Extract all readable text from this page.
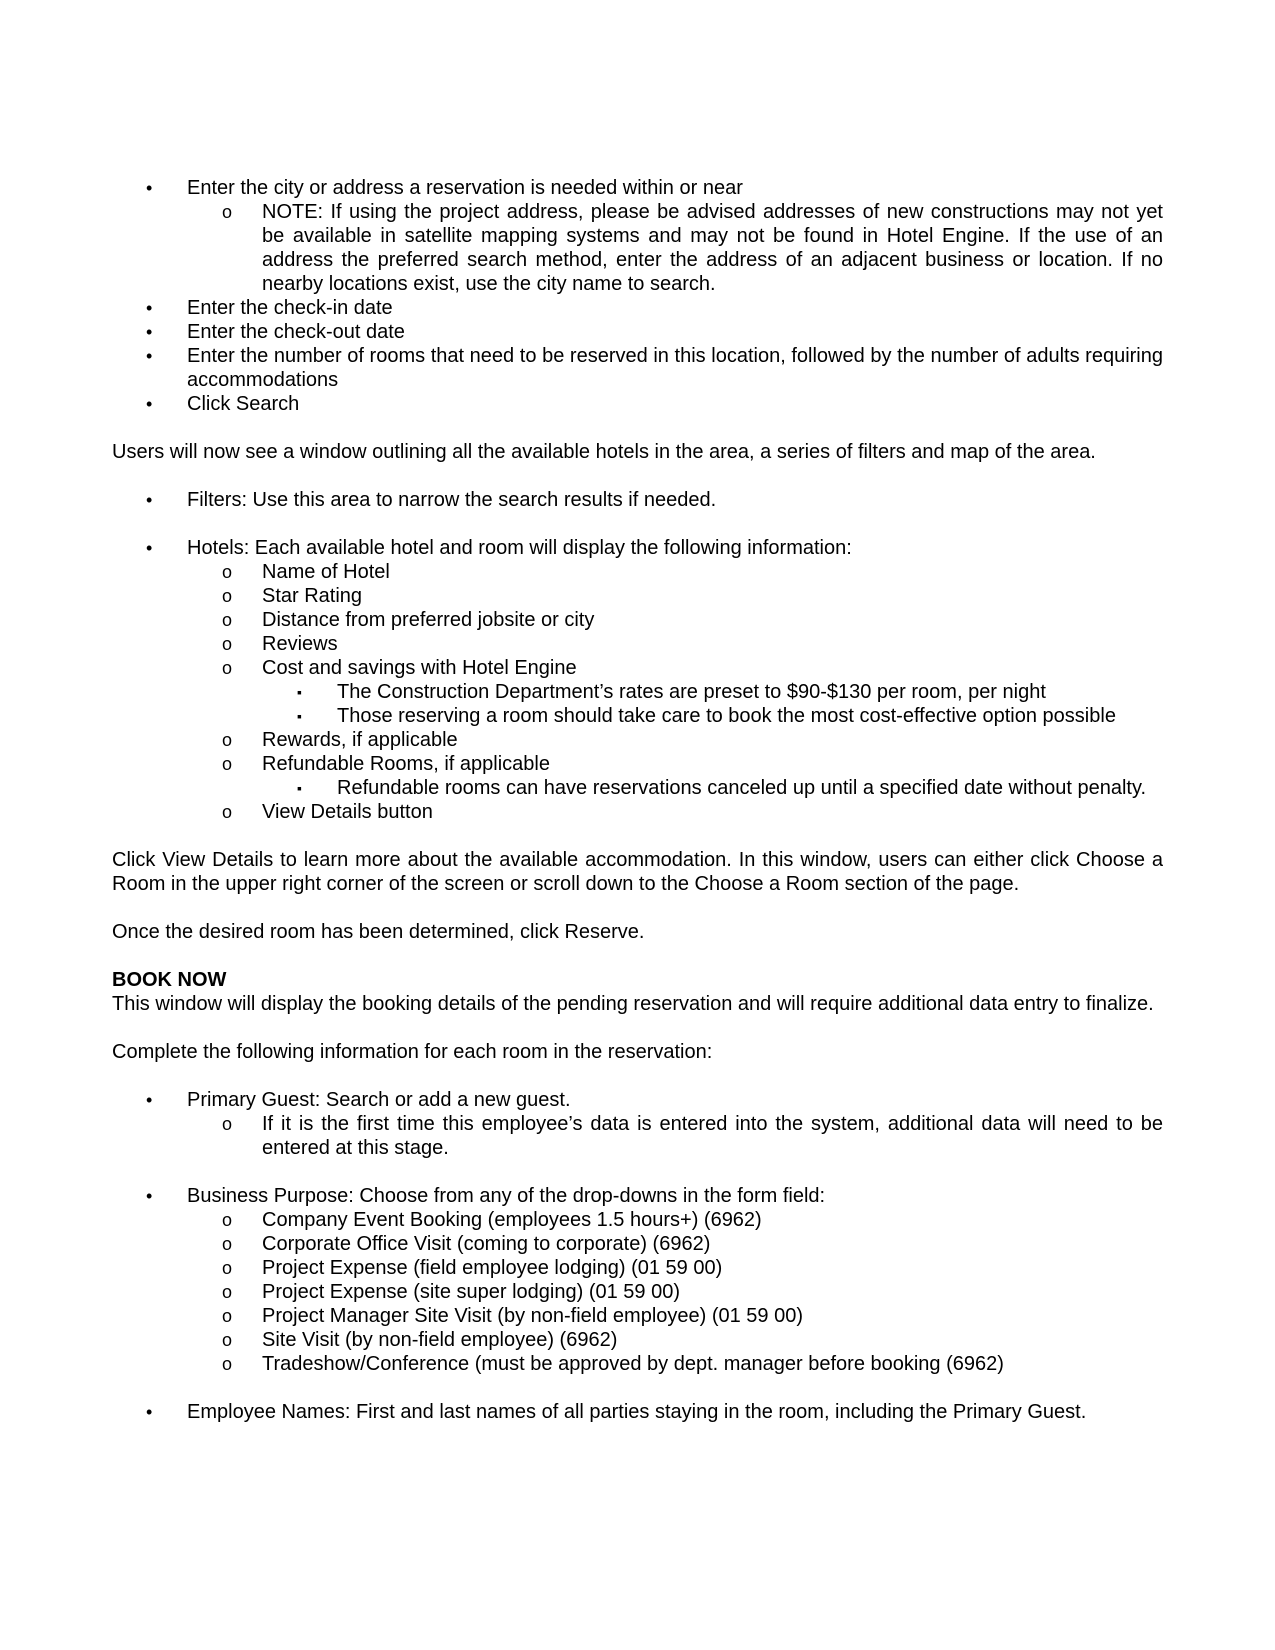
• Enter the city or address a reservation is needed within or near
o NOTE: If using the project address, please be advised addresses of new constructions may not yet be available in satellite mapping systems and may not be found in Hotel Engine. If the use of an address the preferred search method, enter the address of an adjacent business or location. If no nearby locations exist, use the city name to search.
• Enter the check-in date
• Enter the check-out date
• Enter the number of rooms that need to be reserved in this location, followed by the number of adults requiring accommodations
• Click Search

Users will now see a window outlining all the available hotels in the area, a series of filters and map of the area.

• Filters: Use this area to narrow the search results if needed.
• Hotels: Each available hotel and room will display the following information:
o Name of Hotel
o Star Rating
o Distance from preferred jobsite or city
o Reviews
o Cost and savings with Hotel Engine
▪ The Construction Department’s rates are preset to $90-$130 per room, per night
▪ Those reserving a room should take care to book the most cost-effective option possible
o Rewards, if applicable
o Refundable Rooms, if applicable
▪ Refundable rooms can have reservations canceled up until a specified date without penalty.
o View Details button

Click View Details to learn more about the available accommodation. In this window, users can either click Choose a Room in the upper right corner of the screen or scroll down to the Choose a Room section of the page.

Once the desired room has been determined, click Reserve.

BOOK NOW

This window will display the booking details of the pending reservation and will require additional data entry to finalize.

Complete the following information for each room in the reservation:

• Primary Guest: Search or add a new guest.
o If it is the first time this employee’s data is entered into the system, additional data will need to be entered at this stage.
• Business Purpose: Choose from any of the drop-downs in the form field:
o Company Event Booking (employees 1.5 hours+) (6962)
o Corporate Office Visit (coming to corporate) (6962)
o Project Expense (field employee lodging) (01 59 00)
o Project Expense (site super lodging) (01 59 00)
o Project Manager Site Visit (by non-field employee) (01 59 00)
o Site Visit (by non-field employee) (6962)
o Tradeshow/Conference (must be approved by dept. manager before booking (6962)
• Employee Names: First and last names of all parties staying in the room, including the Primary Guest.
